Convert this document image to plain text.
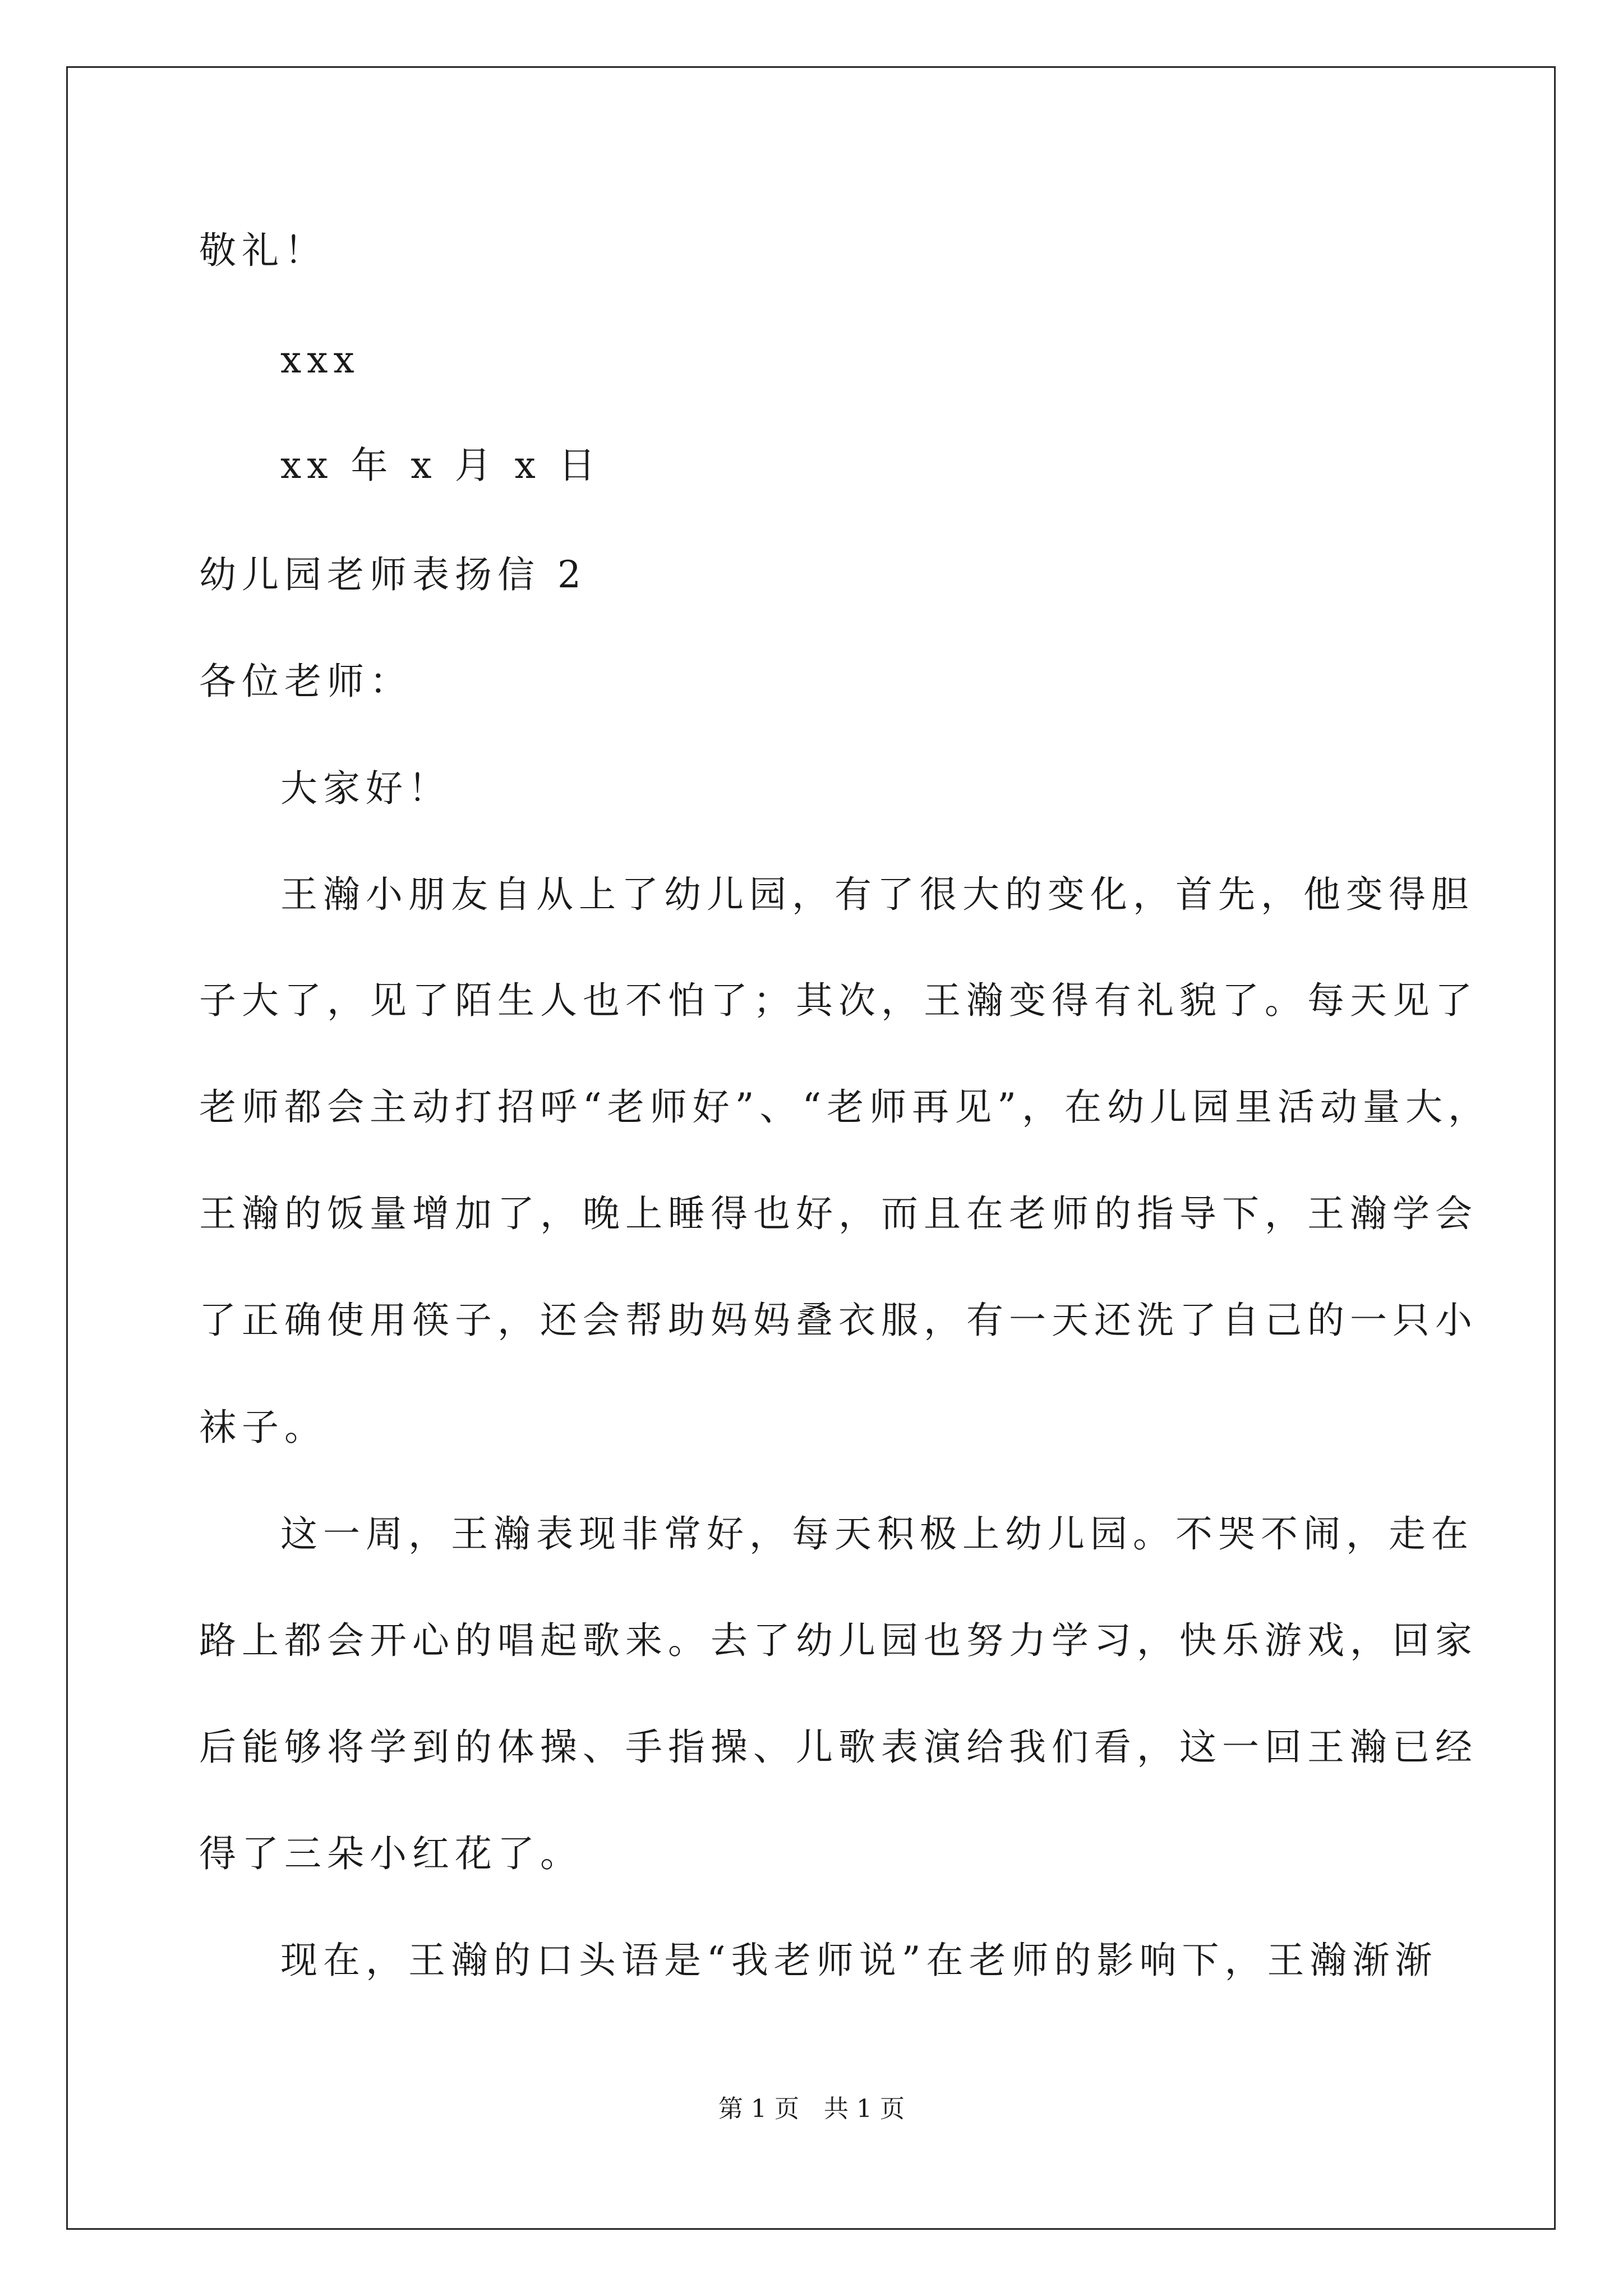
敬礼！
xxx
xx 年 x 月 x 日
幼儿园老师表扬信 2
各位老师：
大家好！
王瀚小朋友自从上了幼儿园，有了很大的变化，首先，他变得胆
子大了，见了陌生人也不怕了；其次，王瀚变得有礼貌了。每天见了
老师都会主动打招呼“老师好”、“老师再见”，在幼儿园里活动量大，
王瀚的饭量增加了，晚上睡得也好，而且在老师的指导下，王瀚学会
了正确使用筷子，还会帮助妈妈叠衣服，有一天还洗了自己的一只小
袜子。
这一周，王瀚表现非常好，每天积极上幼儿园。不哭不闹，走在
路上都会开心的唱起歌来。去了幼儿园也努力学习，快乐游戏，回家
后能够将学到的体操、手指操、儿歌表演给我们看，这一回王瀚已经
得了三朵小红花了。
现在，王瀚的口头语是“我老师说”在老师的影响下，王瀚渐渐
第 1 页　共 1 页
